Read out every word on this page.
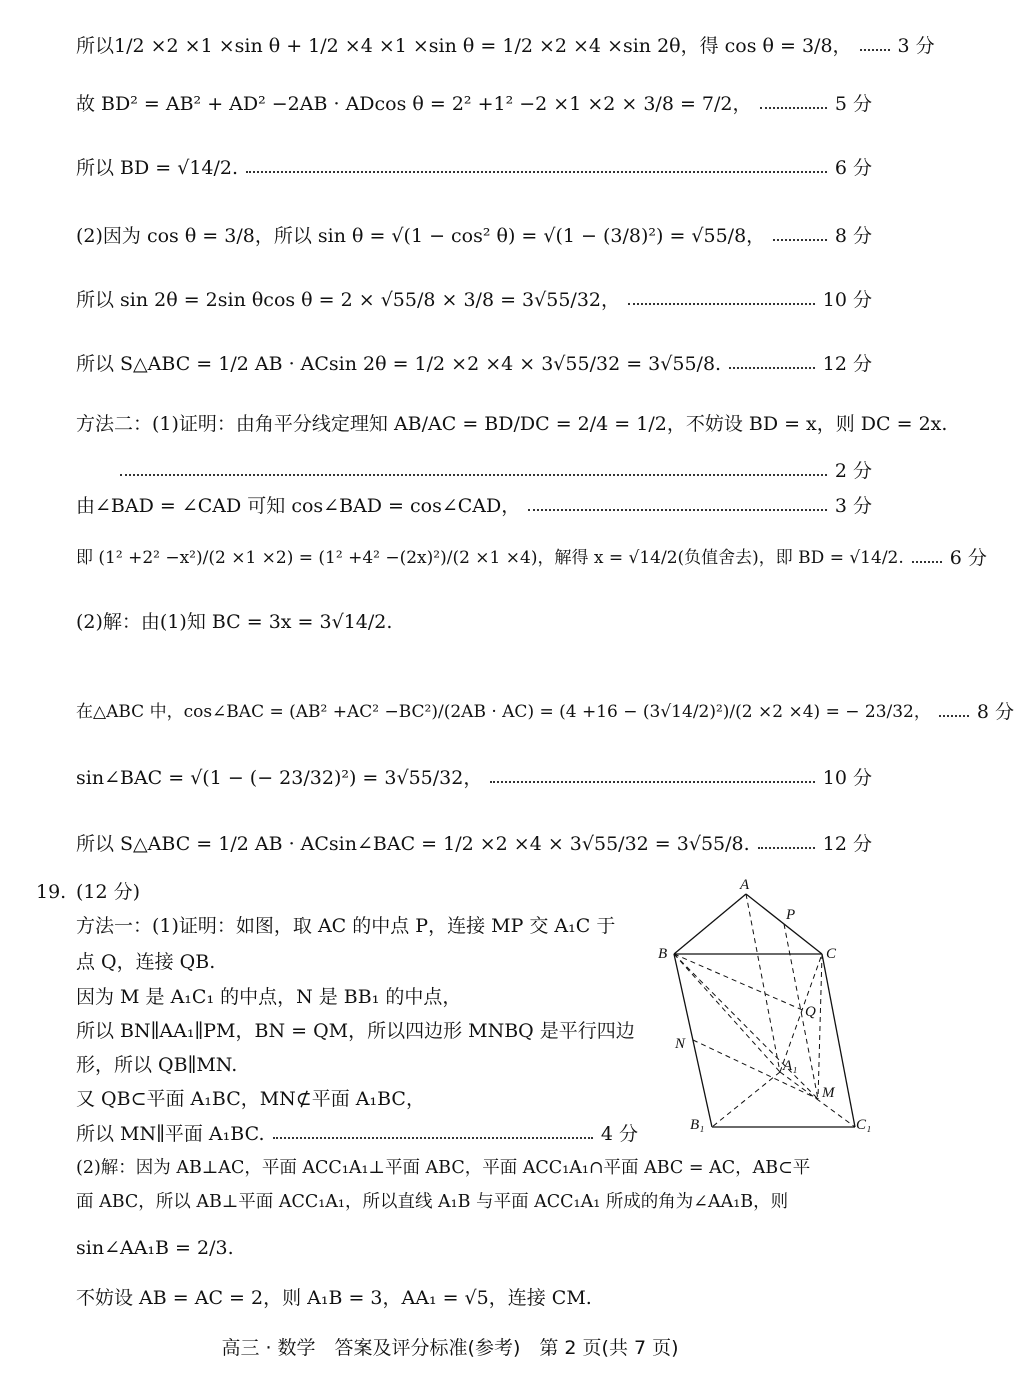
所以1/2 ×2 ×1 ×sin θ + 1/2 ×4 ×1 ×sin θ = 1/2 ×2 ×4 ×sin 2θ，得 cos θ = 3/8， 3 分
故 BD² = AB² + AD² −2AB · ADcos θ = 2² +1² −2 ×1 ×2 × 3/8 = 7/2，	5 分
所以 BD = √14/2.	6 分
(2)因为 cos θ = 3/8，所以 sin θ = √(1 − cos² θ) = √(1 − (3/8)²) = √55/8，	8 分
所以 sin 2θ = 2sin θcos θ = 2 × √55/8 × 3/8 = 3√55/32，	10 分
所以 S△ABC = 1/2 AB · ACsin 2θ = 1/2 ×2 ×4 × 3√55/32 = 3√55/8.	12 分
方法二：(1)证明：由角平分线定理知 AB/AC = BD/DC = 2/4 = 1/2，不妨设 BD = x，则 DC = 2x.
2 分
由∠BAD = ∠CAD 可知 cos∠BAD = cos∠CAD，	3 分
即 (1² +2² −x²)/(2 ×1 ×2) = (1² +4² −(2x)²)/(2 ×1 ×4)，解得 x = √14/2(负值舍去)，即 BD = √14/2. 6 分
(2)解：由(1)知 BC = 3x = 3√14/2.
在△ABC 中，cos∠BAC = (AB² +AC² −BC²)/(2AB · AC) = (4 +16 − (3√14/2)²)/(2 ×2 ×4) = − 23/32， 8 分
sin∠BAC = √(1 − (− 23/32)²) = 3√55/32，	10 分
所以 S△ABC = 1/2 AB · ACsin∠BAC = 1/2 ×2 ×4 × 3√55/32 = 3√55/8.	12 分
19. (12 分)
方法一：(1)证明：如图，取 AC 的中点 P，连接 MP 交 A₁C 于
点 Q，连接 QB.
因为 M 是 A₁C₁ 的中点，N 是 BB₁ 的中点，
所以 BN∥AA₁∥PM，BN = QM，所以四边形 MNBQ 是平行四边
形，所以 QB∥MN.
又 QB⊂平面 A₁BC，MN⊄平面 A₁BC，
所以 MN∥平面 A₁BC.	4 分
(2)解：因为 AB⊥AC，平面 ACC₁A₁⊥平面 ABC，平面 ACC₁A₁∩平面 ABC = AC，AB⊂平
面 ABC，所以 AB⊥平面 ACC₁A₁，所以直线 A₁B 与平面 ACC₁A₁ 所成的角为∠AA₁B，则
sin∠AA₁B = 2/3.
不妨设 AB = AC = 2，则 A₁B = 3，AA₁ = √5，连接 CM.
A
P
B	C
Q
N
A₁
M
B₁	C₁
高三 · 数学　答案及评分标准(参考)　第 2 页(共 7 页)
